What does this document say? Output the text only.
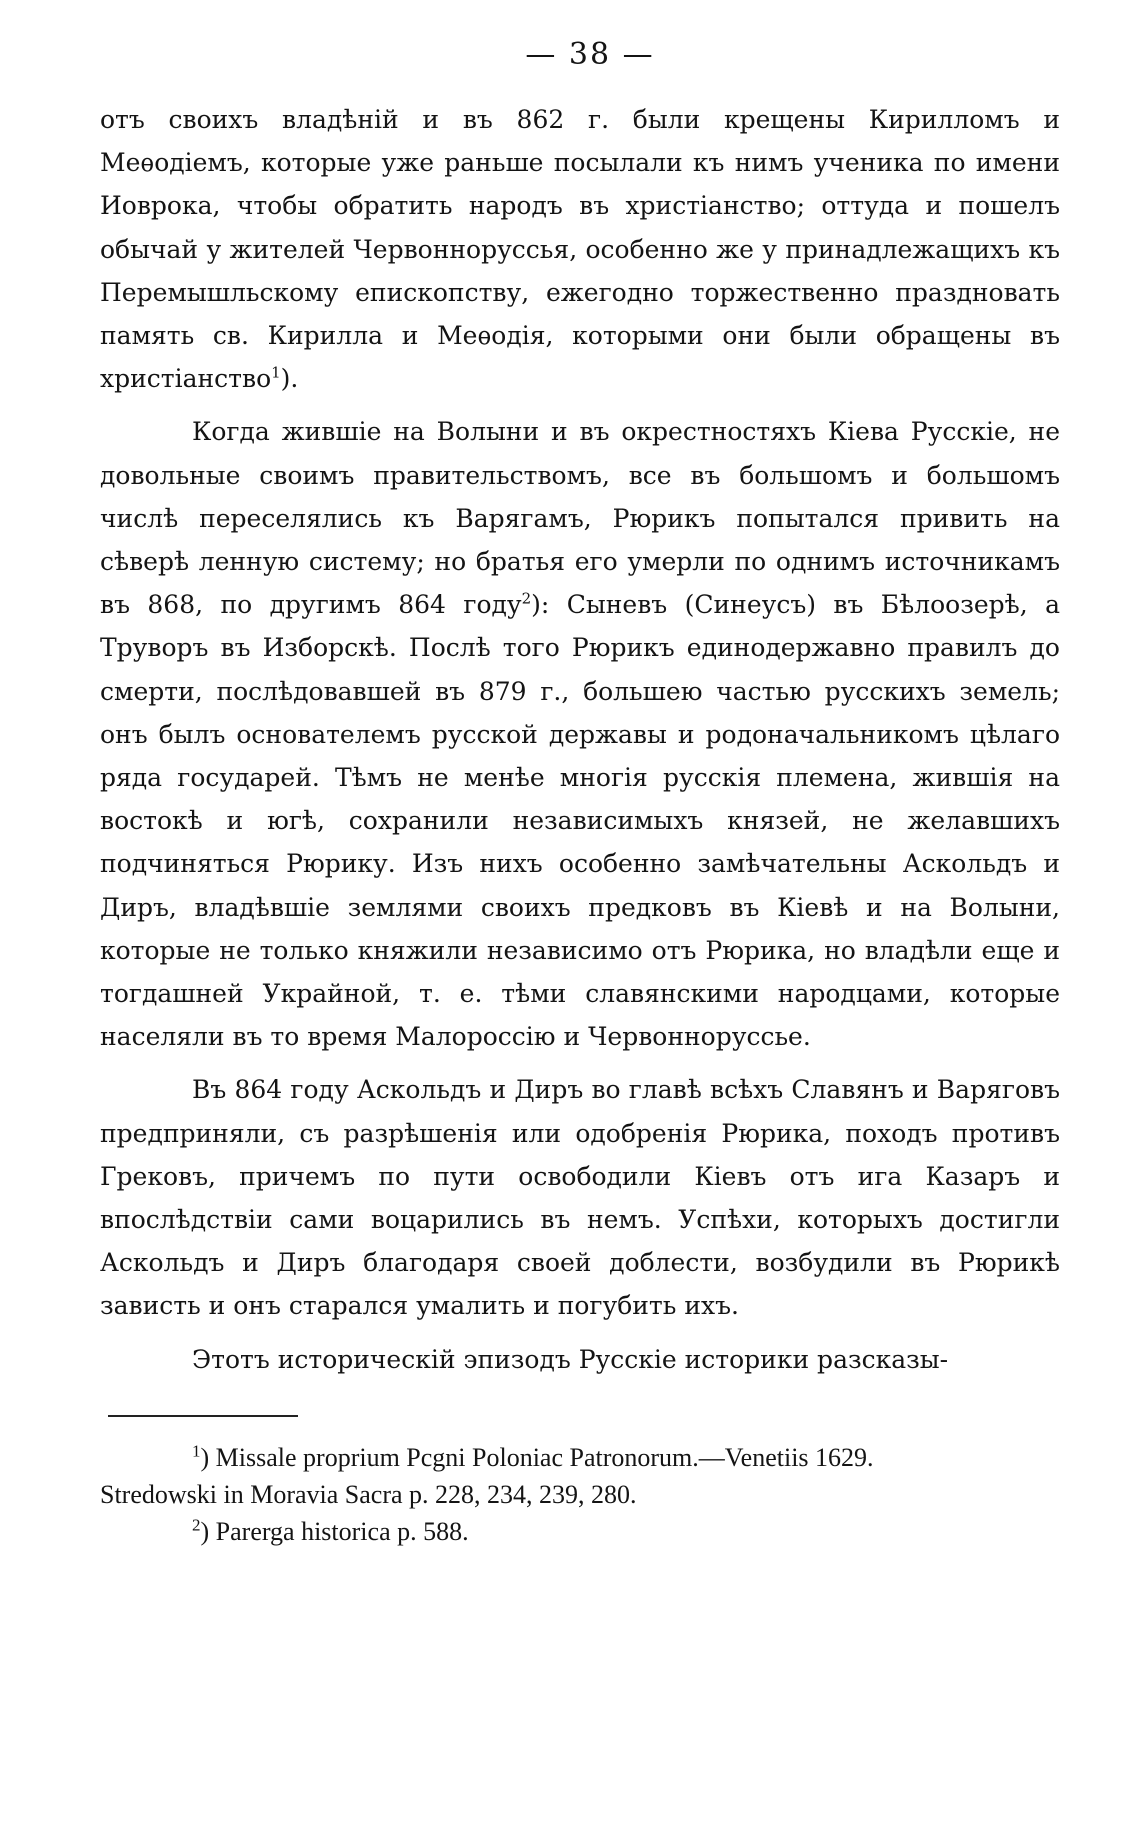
— 38 —

отъ своихъ владѣній и въ 862 г. были крещены Кирилломъ и Меѳодіемъ, которые уже раньше посылали къ нимъ ученика по имени Иоврока, чтобы обратить народъ въ христіанство; оттуда и пошелъ обычай у жителей Червонноруссья, особенно же у принадлежащихъ къ Перемышльскому епископству, ежегодно торжественно праздновать память св. Кирилла и Меѳодія, которыми они были обращены въ христіанство$^1$).

Когда жившіе на Волыни и въ окрестностяхъ Кіева Русскіе, не довольные своимъ правительствомъ, все въ большомъ и большомъ числѣ переселялись къ Варягамъ, Рюрикъ попытался привить на сѣверѣ ленную систему; но братья его умерли по однимъ источникамъ въ 868, по другимъ 864 году$^2$): Сыневъ (Синеусъ) въ Бѣлоозерѣ, а Труворъ въ Изборскѣ. Послѣ того Рюрикъ единодержавно правилъ до смерти, послѣдовавшей въ 879 г., большею частью русскихъ земель; онъ былъ основателемъ русской державы и родоначальникомъ цѣлаго ряда государей. Тѣмъ не менѣе многія русскія племена, жившія на востокѣ и югѣ, сохранили независимыхъ князей, не желавшихъ подчиняться Рюрику. Изъ нихъ особенно замѣчательны Аскольдъ и Диръ, владѣвшіе землями своихъ предковъ въ Кіевѣ и на Волыни, которые не только княжили независимо отъ Рюрика, но владѣли еще и тогдашней Украйной, т. е. тѣми славянскими народцами, которые населяли въ то время Малороссію и Червонноруссье.

Въ 864 году Аскольдъ и Диръ во главѣ всѣхъ Славянъ и Варяговъ предприняли, съ разрѣшенія или одобренія Рюрика, походъ противъ Грековъ, причемъ по пути освободили Кіевъ отъ ига Казаръ и впослѣдствіи сами воцарились въ немъ. Успѣхи, которыхъ достигли Аскольдъ и Диръ благодаря своей доблести, возбудили въ Рюрикѣ зависть и онъ старался умалить и погубить ихъ.

Этотъ историческій эпизодъ Русскіе историки разсказы-

$^1$) Missale proprium Pcgni Poloniac Patronorum.—Venetiis 1629.
Stredowski in Moravia Sacra p. 228, 234, 239, 280.

$^2$) Parerga historica p. 588.
